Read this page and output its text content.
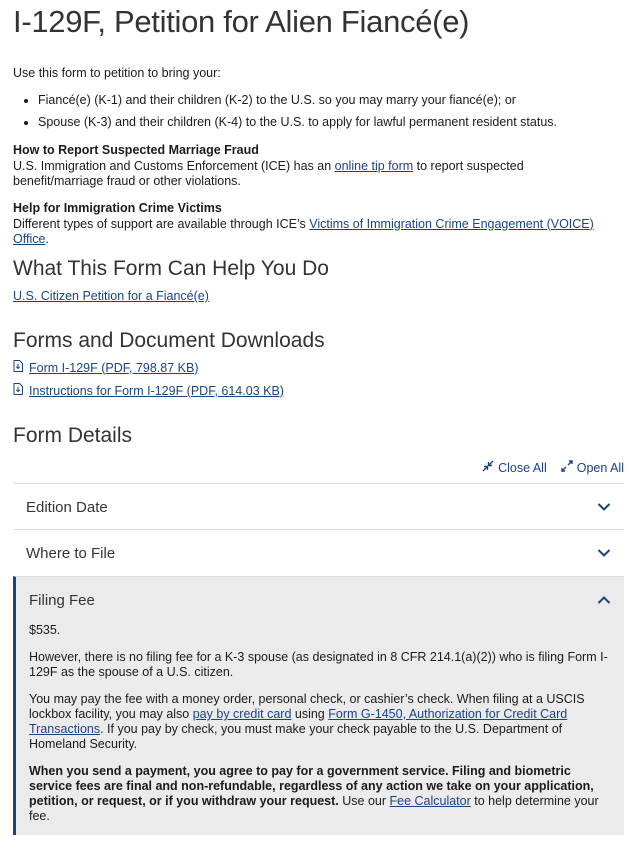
I-129F, Petition for Alien Fiancé(e)
Use this form to petition to bring your:
• Fiancé(e) (K-1) and their children (K-2) to the U.S. so you may marry your fiancé(e); or
• Spouse (K-3) and their children (K-4) to the U.S. to apply for lawful permanent resident status.
How to Report Suspected Marriage Fraud
U.S. Immigration and Customs Enforcement (ICE) has an online tip form to report suspected benefit/marriage fraud or other violations.
Help for Immigration Crime Victims
Different types of support are available through ICE’s Victims of Immigration Crime Engagement (VOICE) Office.
What This Form Can Help You Do
U.S. Citizen Petition for a Fiancé(e)
Forms and Document Downloads
Form I-129F (PDF, 798.87 KB)
Instructions for Form I-129F (PDF, 614.03 KB)
Form Details
Close All Open All
Edition Date
Where to File
Filing Fee

$535.

However, there is no filing fee for a K-3 spouse (as designated in 8 CFR 214.1(a)(2)) who is filing Form I-129F as the spouse of a U.S. citizen.

You may pay the fee with a money order, personal check, or cashier’s check. When filing at a USCIS lockbox facility, you may also pay by credit card using Form G-1450, Authorization for Credit Card Transactions. If you pay by check, you must make your check payable to the U.S. Department of Homeland Security.

When you send a payment, you agree to pay for a government service. Filing and biometric service fees are final and non-refundable, regardless of any action we take on your application, petition, or request, or if you withdraw your request. Use our Fee Calculator to help determine your fee.
